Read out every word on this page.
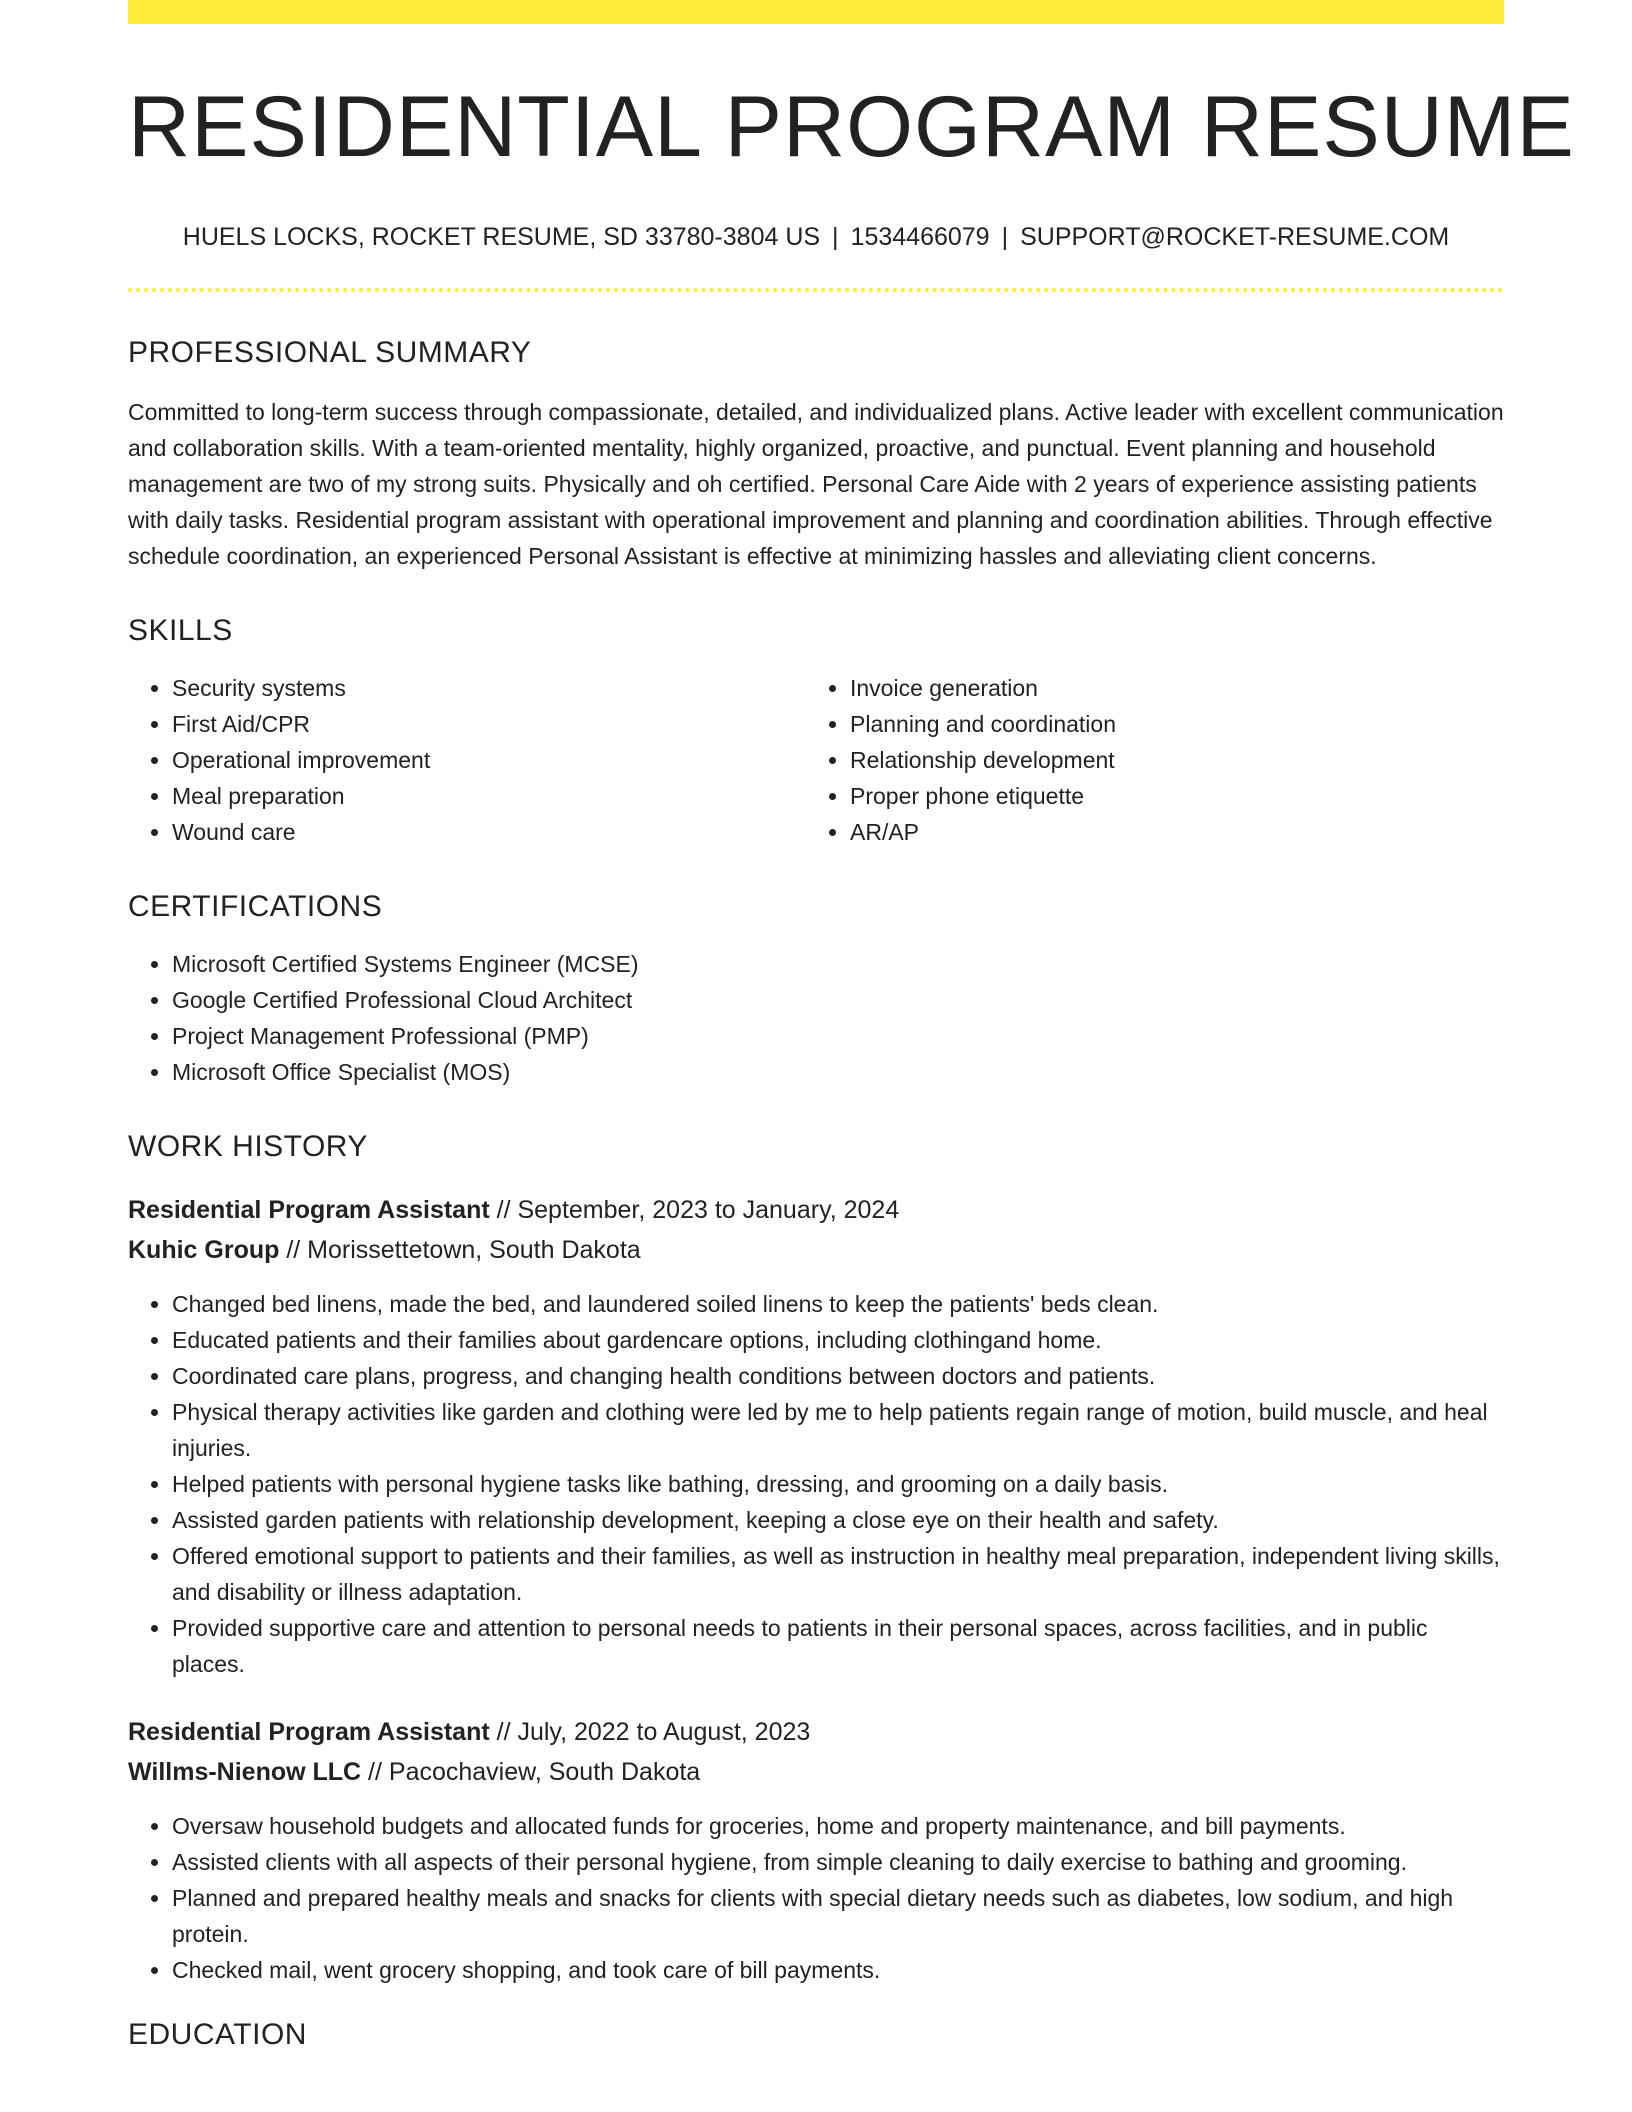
RESIDENTIAL PROGRAM RESUME
HUELS LOCKS, ROCKET RESUME, SD 33780-3804 US | 1534466079 | SUPPORT@ROCKET-RESUME.COM
PROFESSIONAL SUMMARY

Committed to long-term success through compassionate, detailed, and individualized plans. Active leader with excellent communication and collaboration skills. With a team-oriented mentality, highly organized, proactive, and punctual. Event planning and household management are two of my strong suits. Physically and oh certified. Personal Care Aide with 2 years of experience assisting patients with daily tasks. Residential program assistant with operational improvement and planning and coordination abilities. Through effective schedule coordination, an experienced Personal Assistant is effective at minimizing hassles and alleviating client concerns.

SKILLS
• Security systems
• First Aid/CPR
• Operational improvement
• Meal preparation
• Wound care
• Invoice generation
• Planning and coordination
• Relationship development
• Proper phone etiquette
• AR/AP
CERTIFICATIONS
• Microsoft Certified Systems Engineer (MCSE)
• Google Certified Professional Cloud Architect
• Project Management Professional (PMP)
• Microsoft Office Specialist (MOS)
WORK HISTORY
Residential Program Assistant // September, 2023 to January, 2024
Kuhic Group // Morissettetown, South Dakota
• Changed bed linens, made the bed, and laundered soiled linens to keep the patients' beds clean.
• Educated patients and their families about gardencare options, including clothingand home.
• Coordinated care plans, progress, and changing health conditions between doctors and patients.
• Physical therapy activities like garden and clothing were led by me to help patients regain range of motion, build muscle, and heal injuries.
• Helped patients with personal hygiene tasks like bathing, dressing, and grooming on a daily basis.
• Assisted garden patients with relationship development, keeping a close eye on their health and safety.
• Offered emotional support to patients and their families, as well as instruction in healthy meal preparation, independent living skills, and disability or illness adaptation.
• Provided supportive care and attention to personal needs to patients in their personal spaces, across facilities, and in public places.
Residential Program Assistant // July, 2022 to August, 2023
Willms-Nienow LLC // Pacochaview, South Dakota
• Oversaw household budgets and allocated funds for groceries, home and property maintenance, and bill payments.
• Assisted clients with all aspects of their personal hygiene, from simple cleaning to daily exercise to bathing and grooming.
• Planned and prepared healthy meals and snacks for clients with special dietary needs such as diabetes, low sodium, and high protein.
• Checked mail, went grocery shopping, and took care of bill payments.
EDUCATION
